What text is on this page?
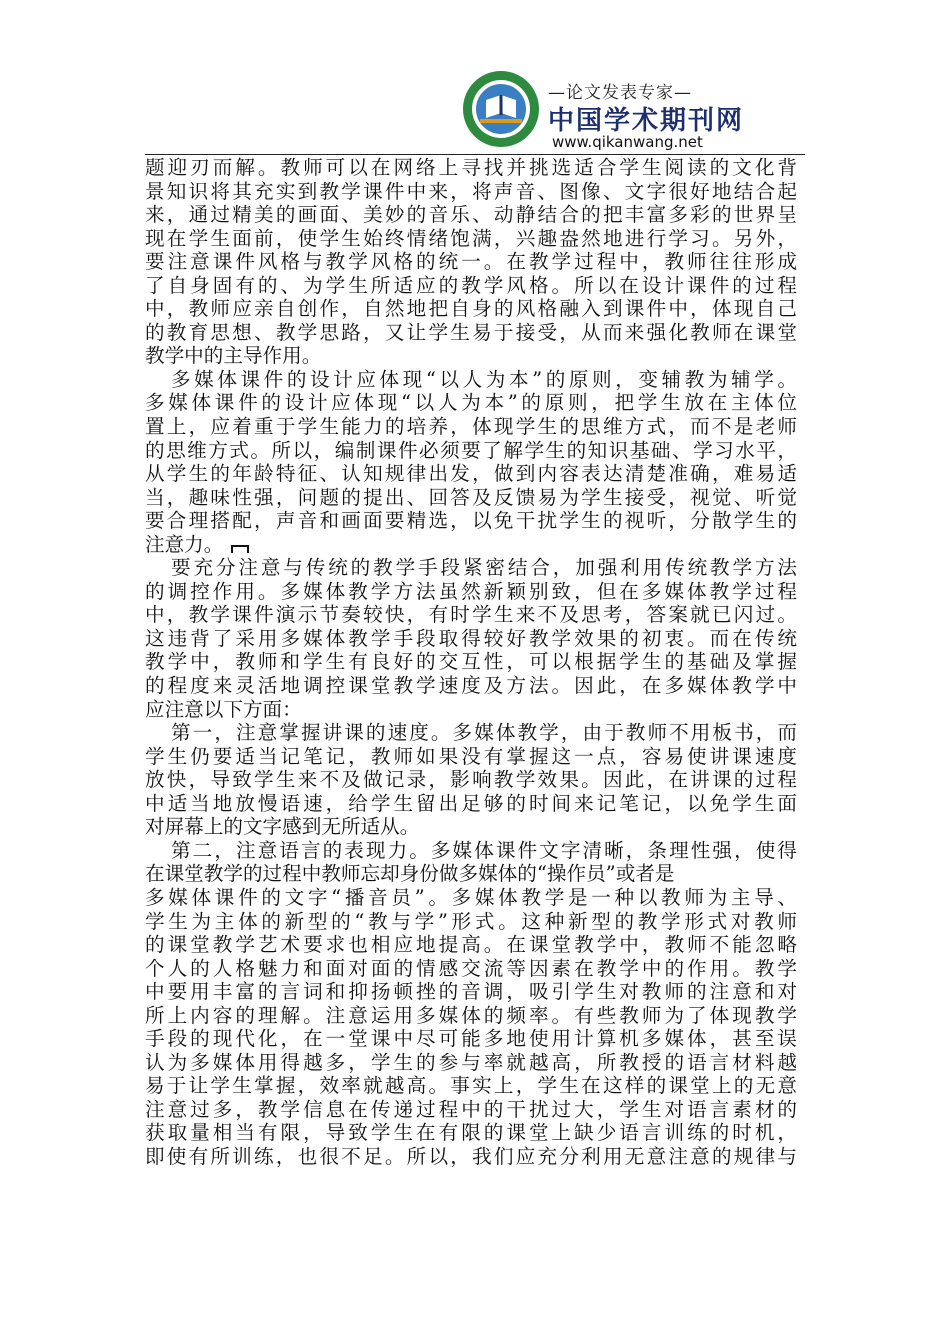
—论文发表专家—
中国学术期刊网
www.qikanwang.net
题迎刃而解。教师可以在网络上寻找并挑选适合学生阅读的文化背
景知识将其充实到教学课件中来，将声音、图像、文字很好地结合起
来，通过精美的画面、美妙的音乐、动静结合的把丰富多彩的世界呈
现在学生面前，使学生始终情绪饱满，兴趣盎然地进行学习。另外，
要注意课件风格与教学风格的统一。在教学过程中，教师往往形成
了自身固有的、为学生所适应的教学风格。所以在设计课件的过程
中，教师应亲自创作，自然地把自身的风格融入到课件中，体现自己
的教育思想、教学思路，又让学生易于接受，从而来强化教师在课堂
教学中的主导作用。
多媒体课件的设计应体现“以人为本”的原则，变辅教为辅学。
多媒体课件的设计应体现“以人为本”的原则，把学生放在主体位
置上，应着重于学生能力的培养，体现学生的思维方式，而不是老师
的思维方式。所以，编制课件必须要了解学生的知识基础、学习水平，
从学生的年龄特征、认知规律出发，做到内容表达清楚准确，难易适
当，趣味性强，问题的提出、回答及反馈易为学生接受，视觉、听觉
要合理搭配，声音和画面要精选，以免干扰学生的视听，分散学生的
注意力。
要充分注意与传统的教学手段紧密结合，加强利用传统教学方法
的调控作用。多媒体教学方法虽然新颖别致，但在多媒体教学过程
中，教学课件演示节奏较快，有时学生来不及思考，答案就已闪过。
这违背了采用多媒体教学手段取得较好教学效果的初衷。而在传统
教学中，教师和学生有良好的交互性，可以根据学生的基础及掌握
的程度来灵活地调控课堂教学速度及方法。因此，在多媒体教学中
应注意以下方面：
第一，注意掌握讲课的速度。多媒体教学，由于教师不用板书，而
学生仍要适当记笔记，教师如果没有掌握这一点，容易使讲课速度
放快，导致学生来不及做记录，影响教学效果。因此，在讲课的过程
中适当地放慢语速，给学生留出足够的时间来记笔记，以免学生面
对屏幕上的文字感到无所适从。
第二，注意语言的表现力。多媒体课件文字清晰，条理性强，使得
在课堂教学的过程中教师忘却身份做多媒体的“操作员”或者是
多媒体课件的文字“播音员”。多媒体教学是一种以教师为主导、
学生为主体的新型的“教与学”形式。这种新型的教学形式对教师
的课堂教学艺术要求也相应地提高。在课堂教学中，教师不能忽略
个人的人格魅力和面对面的情感交流等因素在教学中的作用。教学
中要用丰富的言词和抑扬顿挫的音调，吸引学生对教师的注意和对
所上内容的理解。注意运用多媒体的频率。有些教师为了体现教学
手段的现代化，在一堂课中尽可能多地使用计算机多媒体，甚至误
认为多媒体用得越多，学生的参与率就越高，所教授的语言材料越
易于让学生掌握，效率就越高。事实上，学生在这样的课堂上的无意
注意过多，教学信息在传递过程中的干扰过大，学生对语言素材的
获取量相当有限，导致学生在有限的课堂上缺少语言训练的时机，
即使有所训练，也很不足。所以，我们应充分利用无意注意的规律与
